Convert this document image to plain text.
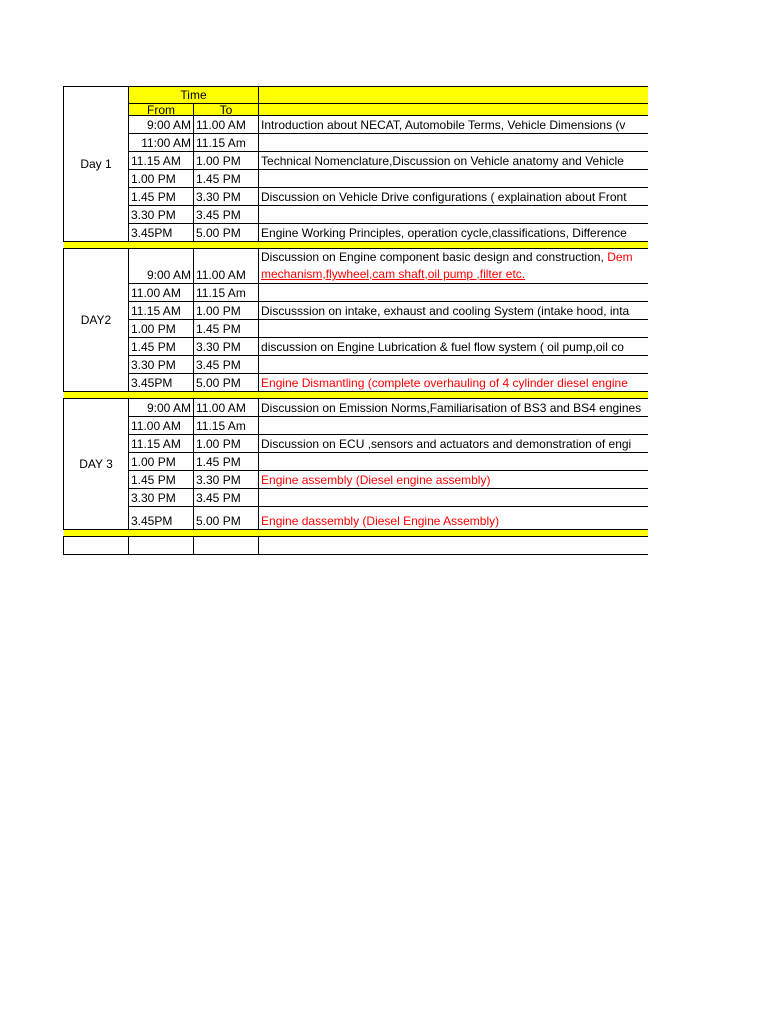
Day 1	Time		
	From	To	
	9:00 AM	11.00 AM	Introduction about NECAT, Automobile Terms, Vehicle Dimensions (v
	11:00 AM	11.15 Am	
	11.15 AM	1.00 PM	Technical Nomenclature,Discussion on Vehicle anatomy and Vehicle
	1.00 PM	1.45 PM	
	1.45 PM	3.30 PM	Discussion on Vehicle Drive configurations ( explaination about Front
	3.30 PM	3.45 PM	
	3.45PM	5.00 PM	Engine Working Principles, operation cycle,classifications, Difference

DAY2	9:00 AM	11.00 AM	Discussion on Engine component basic design and construction, Dem
mechanism,flywheel,cam shaft,oil pump ,filter etc.
	11.00 AM	11.15 Am	
	11.15 AM	1.00 PM	Discusssion on intake, exhaust and cooling System (intake hood, inta
	1.00 PM	1.45 PM	
	1.45 PM	3.30 PM	discussion on Engine Lubrication & fuel flow system ( oil pump,oil co
	3.30 PM	3.45 PM	
	3.45PM	5.00 PM	Engine Dismantling (complete overhauling of 4 cylinder diesel engine

DAY 3	9:00 AM	11.00 AM	Discussion on Emission Norms,Familiarisation of BS3 and BS4 engines
	11.00 AM	11.15 Am	
	11.15 AM	1.00 PM	Discussion on ECU ,sensors and actuators and demonstration of engi
	1.00 PM	1.45 PM	
	1.45 PM	3.30 PM	Engine assembly (Diesel engine assembly)
	3.30 PM	3.45 PM	
	3.45PM	5.00 PM	Engine dassembly (Diesel Engine Assembly)
